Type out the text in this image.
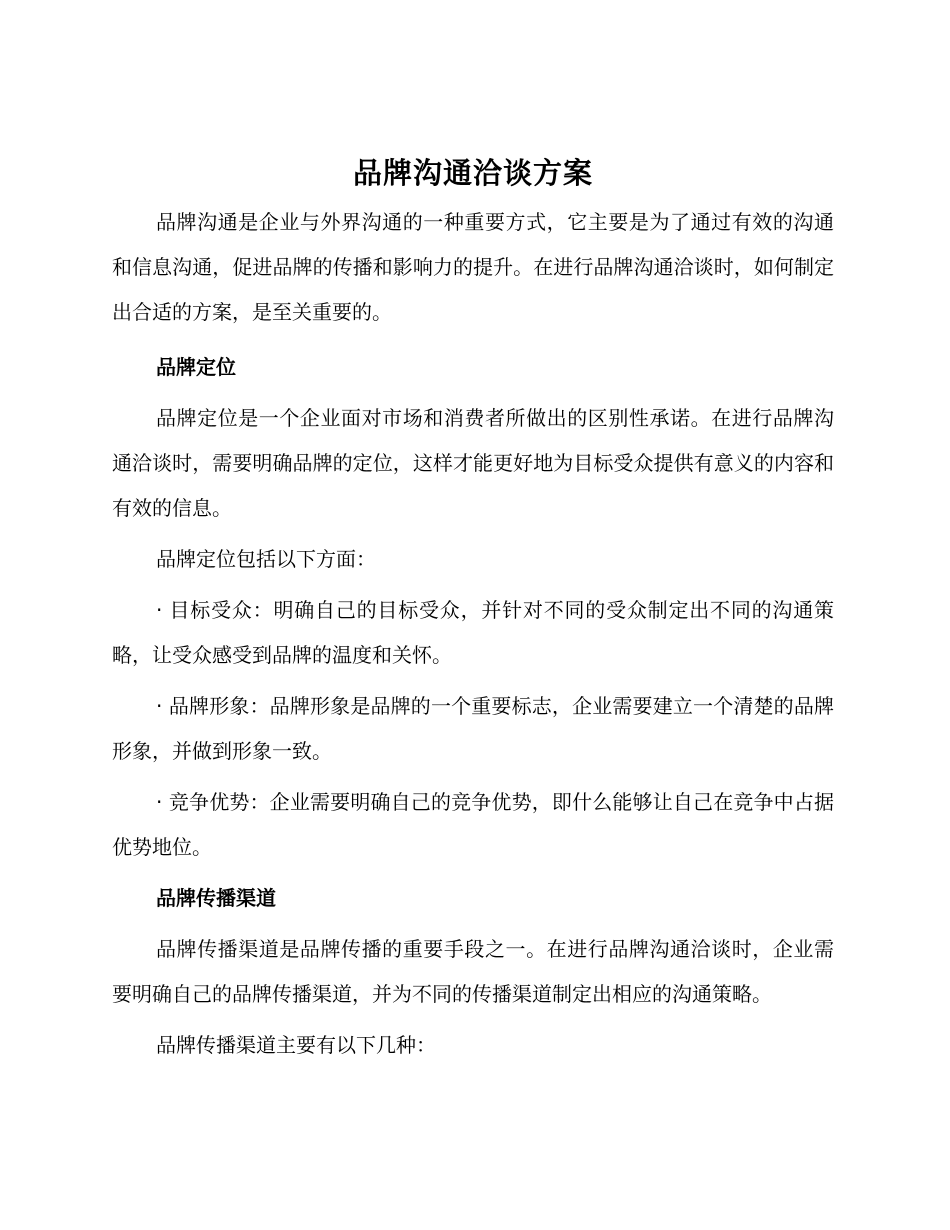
品牌沟通洽谈方案

品牌沟通是企业与外界沟通的一种重要方式，它主要是为了通过有效的沟通和信息沟通，促进品牌的传播和影响力的提升。在进行品牌沟通洽谈时，如何制定出合适的方案，是至关重要的。

品牌定位

品牌定位是一个企业面对市场和消费者所做出的区别性承诺。在进行品牌沟通洽谈时，需要明确品牌的定位，这样才能更好地为目标受众提供有意义的内容和有效的信息。

品牌定位包括以下方面：

· 目标受众：明确自己的目标受众，并针对不同的受众制定出不同的沟通策略，让受众感受到品牌的温度和关怀。

· 品牌形象：品牌形象是品牌的一个重要标志，企业需要建立一个清楚的品牌形象，并做到形象一致。

· 竞争优势：企业需要明确自己的竞争优势，即什么能够让自己在竞争中占据优势地位。

品牌传播渠道

品牌传播渠道是品牌传播的重要手段之一。在进行品牌沟通洽谈时，企业需要明确自己的品牌传播渠道，并为不同的传播渠道制定出相应的沟通策略。

品牌传播渠道主要有以下几种：
